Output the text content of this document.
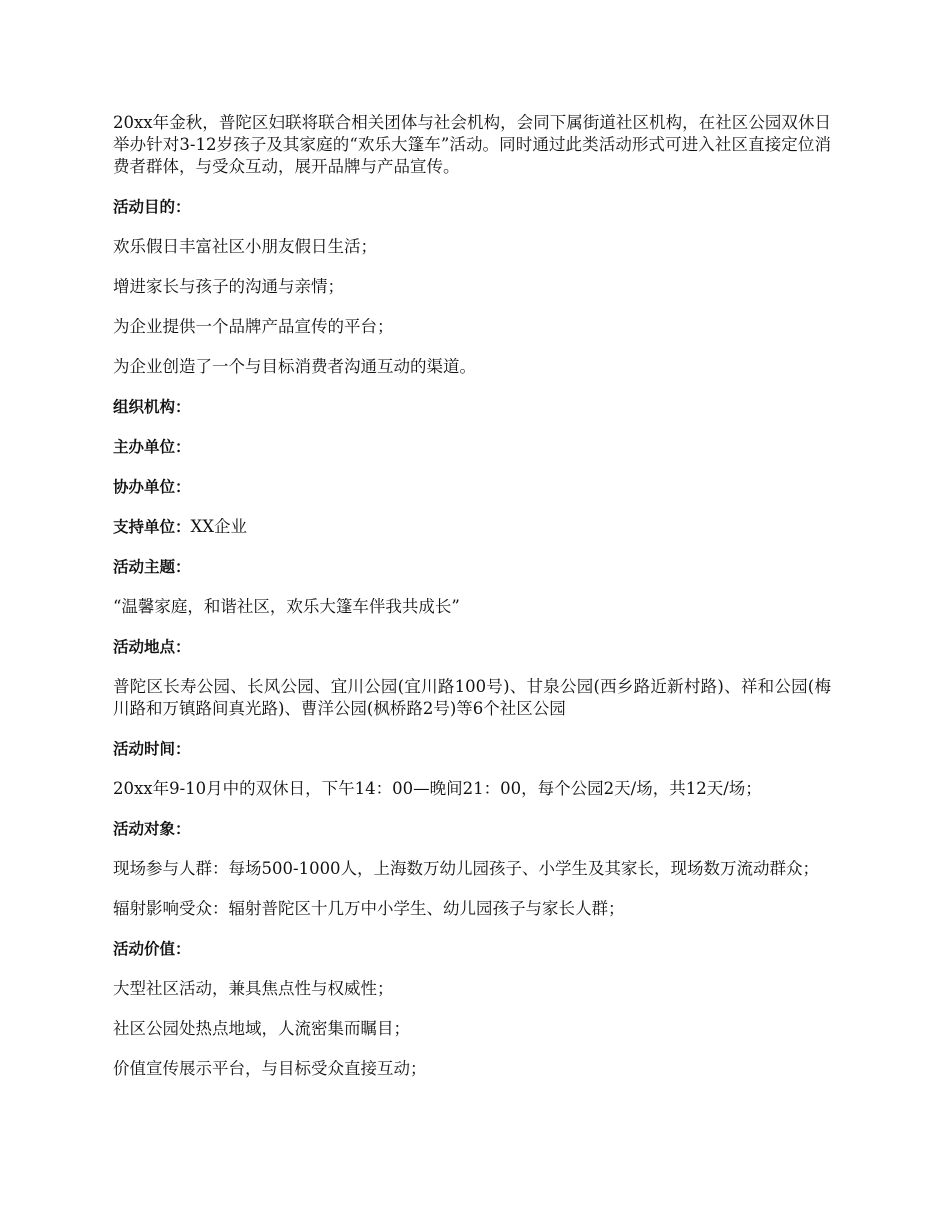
20xx年金秋，普陀区妇联将联合相关团体与社会机构，会同下属街道社区机构，在社区公园双休日举办针对3-12岁孩子及其家庭的“欢乐大篷车”活动。同时通过此类活动形式可进入社区直接定位消费者群体，与受众互动，展开品牌与产品宣传。

活动目的：

欢乐假日丰富社区小朋友假日生活；

增进家长与孩子的沟通与亲情；

为企业提供一个品牌产品宣传的平台；

为企业创造了一个与目标消费者沟通互动的渠道。

组织机构：

主办单位：

协办单位：

支持单位：XX企业

活动主题：

“温馨家庭，和谐社区，欢乐大篷车伴我共成长”

活动地点：

普陀区长寿公园、长风公园、宜川公园(宜川路100号)、甘泉公园(西乡路近新村路)、祥和公园(梅川路和万镇路间真光路)、曹洋公园(枫桥路2号)等6个社区公园

活动时间：

20xx年9-10月中的双休日，下午14：00—晚间21：00，每个公园2天/场，共12天/场；

活动对象：

现场参与人群：每场500-1000人，上海数万幼儿园孩子、小学生及其家长，现场数万流动群众；

辐射影响受众：辐射普陀区十几万中小学生、幼儿园孩子与家长人群；

活动价值：

大型社区活动，兼具焦点性与权威性；

社区公园处热点地域，人流密集而瞩目；

价值宣传展示平台，与目标受众直接互动；
